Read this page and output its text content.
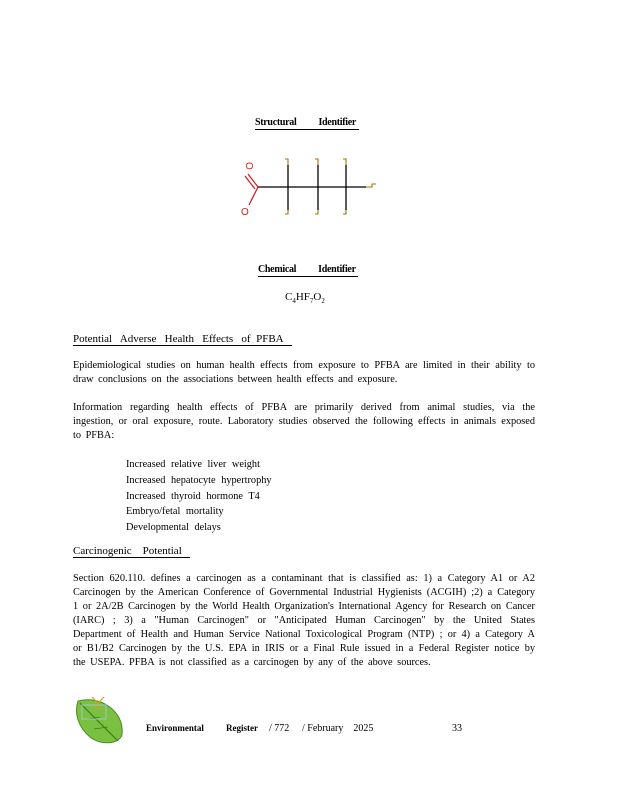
Structural Identifier
O
O
Chemical Identifier
$C_4HF_7O_2$
Potential   Adverse   Health   Effects   of  PFBA
Epidemiological studies on human health effects from exposure to PFBA are limited in their ability to draw conclusions on the associations between health effects and exposure.
Information regarding health effects of PFBA are primarily derived from animal studies, via the ingestion, or oral exposure, route. Laboratory studies observed the following effects in animals exposed to PFBA:
Increased relative liver weight
Increased hepatocyte hypertrophy
Increased thyroid hormone T4
Embryo/fetal mortality
Developmental delays
Carcinogenic    Potential
Section 620.110. defines a carcinogen as a contaminant that is classified as: 1) a Category A1 or A2 Carcinogen by the American Conference of Governmental Industrial Hygienists (ACGIH) ;2) a Category 1 or 2A/2B Carcinogen by the World Health Organization's International Agency for Research on Cancer (IARC) ; 3) a "Human Carcinogen" or "Anticipated Human Carcinogen" by the United States Department of Health and Human Service National Toxicological Program (NTP) ; or 4) a Category A or B1/B2 Carcinogen by the U.S. EPA in IRIS or a Final Rule issued in a Federal Register notice by the USEPA. PFBA is not classified as a carcinogen by any of the above sources.
Environmental	Register	/ 772	/ February    2025	33
